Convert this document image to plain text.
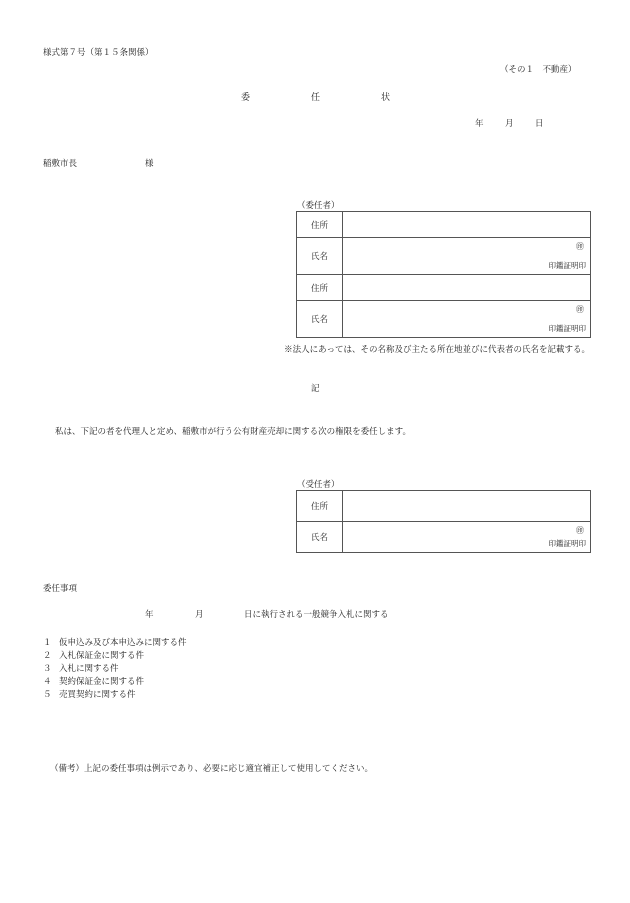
様式第７号（第１５条関係）
（その１　不動産）
委	任	状
年	月	日
稲敷市長	様
（委任者）
住所	
氏名	㊞
印鑑証明印

住所	
氏名	㊞
印鑑証明印
※法人にあっては、その名称及び主たる所在地並びに代表者の氏名を記載する。
記
私は、下記の者を代理人と定め、稲敷市が行う公有財産売却に関する次の権限を委任します。
（受任者）
住所	
氏名	㊞
印鑑証明印
委任事項
年	月	日に執行される一般競争入札に関する
１ 仮申込み及び本申込みに関する件
２ 入札保証金に関する件
３ 入札に関する件
４ 契約保証金に関する件
５ 売買契約に関する件
（備考）上記の委任事項は例示であり、必要に応じ適宜補正して使用してください。
